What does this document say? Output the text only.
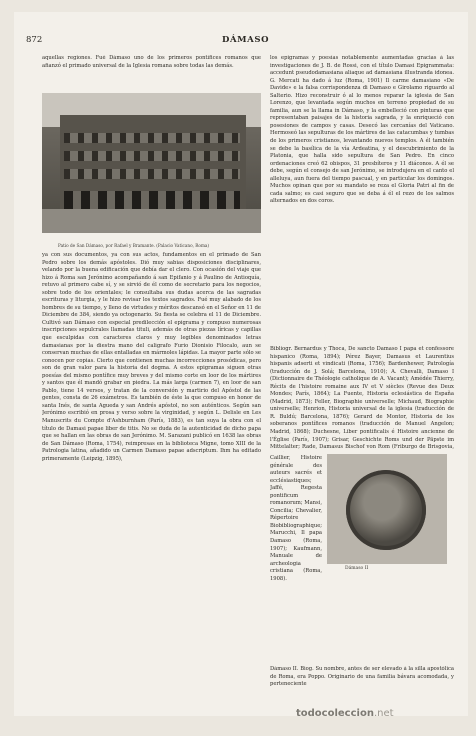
872	DÁMASO
aquellas regiones. Fué Dámaso uno de los primeros pontífices romanos que afianzó el primado universal de la Iglesia romana sobre todas las demás.
Patio de San Dámaso, por Rafael y Bramante. (Palacio Vaticano, Roma)
ya con sus documentos, ya con sus actos, fundamentos en el primado de San Pedro sobre los demás apóstoles. Dió muy sabias disposiciones disciplinares, velando por la buena edificación que debía dar el clero. Con ocasión del viaje que hizo á Roma san Jerónimo acompañando á san Epifanio y á Paulino de Antioquía, retuvo al primero cabe sí, y se sirvió de él como de secretario para los negocios, sobre todo de los orientales; le consultaba sus dudas acerca de las sagradas escrituras y liturgia, y le hizo revisar los textos sagrados. Fué muy alabado de los hombres de su tiempo, y lleno de virtudes y méritos descansó en el Señor en 11 de Diciembre de 384, siendo ya octogenario. Su fiesta se celebra el 11 de Diciembre. Cultivó san Dámaso con especial predilección el epigrama y compuso numerosas inscripciones sepulcrales llamadas tituli, además de otras piezas líricas y capillas que esculpidas con caracteres claros y muy legibles denominados letras damasianas por la diestra mano del caligrafo Furio Dionisio Filocalo, aun se conservan muchas de ellas entalladas en mármoles lápidas. La mayor parte sólo se conocen por copias. Cierto que contienen muchas incorrecciones prosódicas, pero son de gran valor para la historia del dogma. A estos epigramas siguen otras poesías del mismo pontífice muy breves y del mismo corte en loor de los mártires y santos que él mandó grabar en piedra. La más larga (carmen 7), en loor de san Pablo, tiene 14 versos, y tratan de la conversión y martirio del Apóstol de las gentes, consta de 26 exámetros. Es también de éste la que compuso en honor de santa Inés, de santa Agueda y san Andrés apóstol, no son auténticos. Según san Jerónimo escribió en prosa y verso sobre la virginidad, y según L. Delisle en Les Manuscrits du Compte d'Ashburnham (París, 1883), es tan suya la obra con el título de Damasi papae liber de titis. No se duda de la autenticidad de dicho papa que se hallan en las obras de san Jerónimo. M. Sarazani publicó en 1638 las obras de San Dámaso (Roma, 1754), reimpresas en la biblioteca Migne, tomo XIII de la Patrologia latina, añadido un Carmen Damaso papae adscriptum. Ihm ha editado primeramente (Leipzig, 1895),
los epigramas y poesías notablemente aumentadas gracias á las investigaciones de J. B. de Rossi, con el título Damasi Epigrammata: accedunt pseudodamasiana aliaque ad damasiana illustranda idonea. G. Mercati ha dado á luz (Roma, 1901) Il carme damasiano «De Davide» e la falsa corrispondenza di Damaso e Girolamo riguardo al Salterio. Hizo reconstruir ó al lo menos reparar la iglesia de San Lorenzo, que levantada según muchos en terreno propiedad de su familia, aun se la llama in Dámaso, y la embelleció con pinturas que representaban paisajes de la historia sagrada, y la enriqueció con posesiones de campos y casas. Desecó las cercanías del Vaticano. Hermoseó las sepulturas de los mártires de las catacumbas y tumbas de los primeros cristianos, levantando nuevos templos. A él también se debe la basílica de la vía Ardeatina, y el descubrimiento de la Platonia, que halla sido sepultura de San Pedro. En cinco ordenaciones creó 62 obispos, 31 presbíteros y 11 diáconos. A él se debe, según el consejo de san Jerónimo, se introdujera en el canto el alleluya, aun fuera del tiempo pascual, y en particular los domingos. Muchos opinan que por su mandato se reza el Gloria Patri al fin de cada salmo; es casi seguro que se deba á él el rezo de los salmos alternados en dos coros.
Bibliogr. Bernardus y Thoca, De sancto Damaso I papa et confessore hispanico (Roma, 1894); Pérez Bayer, Damasus et Laurentius hispanis adserti et vindicati (Roma, 1756); Bardenhewer, Patrología (traducción de J. Solá; Barcelona, 1910); A. Chevalli, Damaso I (Dictionnaire de Théologie catholique de A. Vacant); Amédée Thierry, Récits de l'histoire romaine aux IV et V siècles (Revue des Deux Mondes; París, 1864); La Fuente, Historia eclesiástica de España (Madrid, 1873); Feller, Biographie universelle; Michaud, Biographie universelle; Henrion, Historia universal de la iglesia (traducción de R. Buldú; Barcelona, 1876); Gerard de Montor, Historia de los soberanos pontífices romanos (traducción de Manuel Angelon; Madrid, 1868); Duchesne, Liber pontificalis é Histoire ancienne de l'Église (París, 1907); Grisar, Geschichte Roms und der Päpste im Mittelalter; Rade, Damasus Bischof von Rom (Friburgo de Brisgovia,
Caillier, Histoire générale des auteurs sacrés et ecclésiastiques; Jaffé, Regesta pontificum romanorum; Mansi, Concilia; Chevalier, Répertoire Biobibliographique; Marucchi, Il papa Damaso (Roma, 1907); Kaufmann, Manuale de archeologia cristiana (Roma, 1908).
Dámaso II
Dámaso II. Biog. Su nombre, antes de ser elevado á la silla apostólica de Roma, era Poppo. Originario de una familia bávara acomodada, y perteneciente
todocoleccion.net
